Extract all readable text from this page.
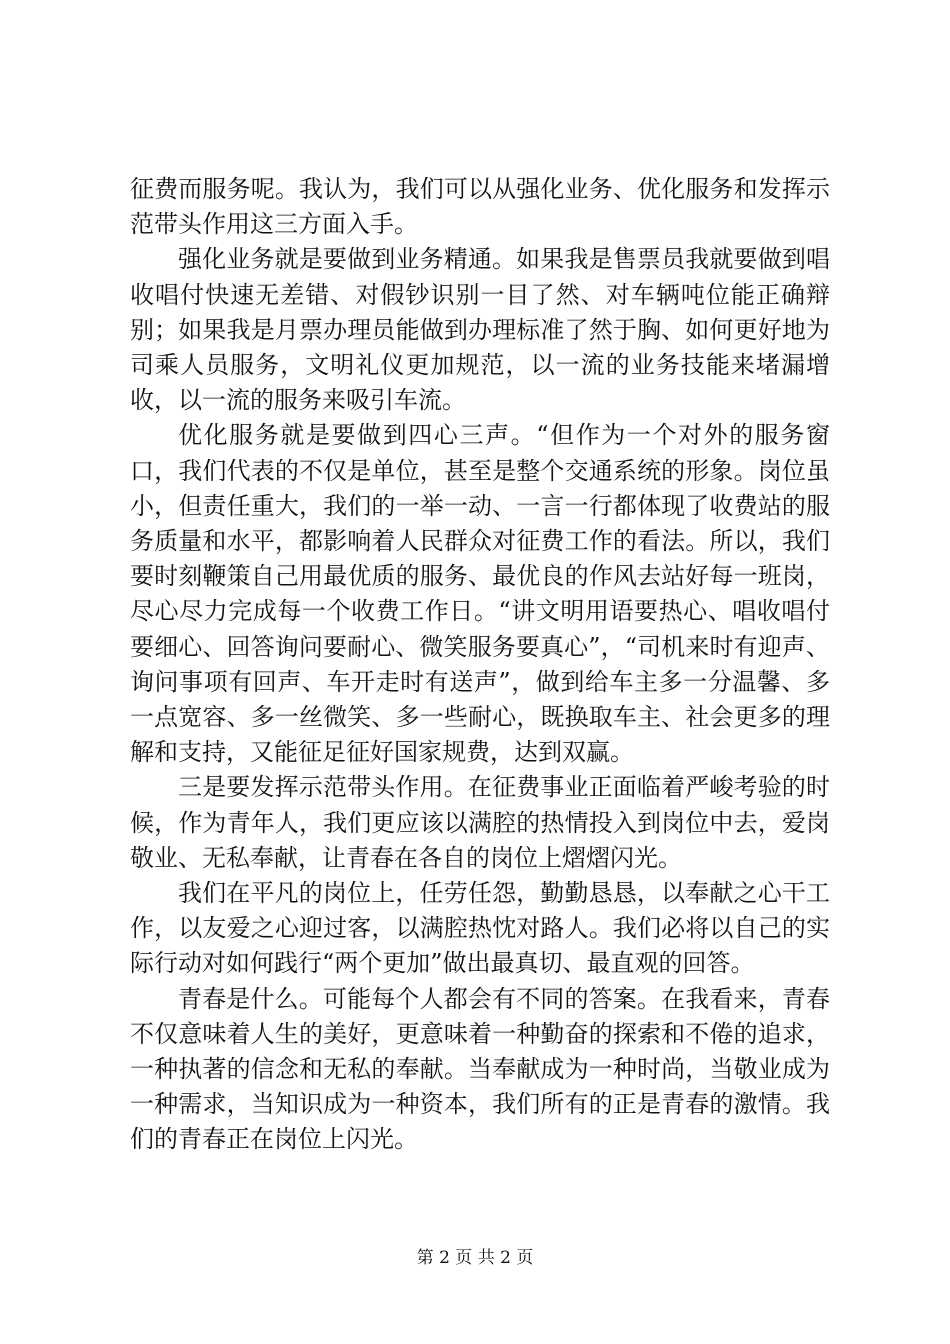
征费而服务呢。我认为，我们可以从强化业务、优化服务和发挥示范带头作用这三方面入手。

强化业务就是要做到业务精通。如果我是售票员我就要做到唱收唱付快速无差错、对假钞识别一目了然、对车辆吨位能正确辩别；如果我是月票办理员能做到办理标准了然于胸、如何更好地为司乘人员服务，文明礼仪更加规范，以一流的业务技能来堵漏增收，以一流的服务来吸引车流。

优化服务就是要做到四心三声。“但作为一个对外的服务窗口，我们代表的不仅是单位，甚至是整个交通系统的形象。岗位虽小，但责任重大，我们的一举一动、一言一行都体现了收费站的服务质量和水平，都影响着人民群众对征费工作的看法。所以，我们要时刻鞭策自己用最优质的服务、最优良的作风去站好每一班岗，尽心尽力完成每一个收费工作日。“讲文明用语要热心、唱收唱付要细心、回答询问要耐心、微笑服务要真心”，“司机来时有迎声、询问事项有回声、车开走时有送声”，做到给车主多一分温馨、多一点宽容、多一丝微笑、多一些耐心，既换取车主、社会更多的理解和支持，又能征足征好国家规费，达到双赢。

三是要发挥示范带头作用。在征费事业正面临着严峻考验的时候，作为青年人，我们更应该以满腔的热情投入到岗位中去，爱岗敬业、无私奉献，让青春在各自的岗位上熠熠闪光。

我们在平凡的岗位上，任劳任怨，勤勤恳恳，以奉献之心干工作，以友爱之心迎过客，以满腔热忱对路人。我们必将以自己的实际行动对如何践行“两个更加”做出最真切、最直观的回答。

青春是什么。可能每个人都会有不同的答案。在我看来，青春不仅意味着人生的美好，更意味着一种勤奋的探索和不倦的追求，一种执著的信念和无私的奉献。当奉献成为一种时尚，当敬业成为一种需求，当知识成为一种资本，我们所有的正是青春的激情。我们的青春正在岗位上闪光。

第 2 页 共 2 页
